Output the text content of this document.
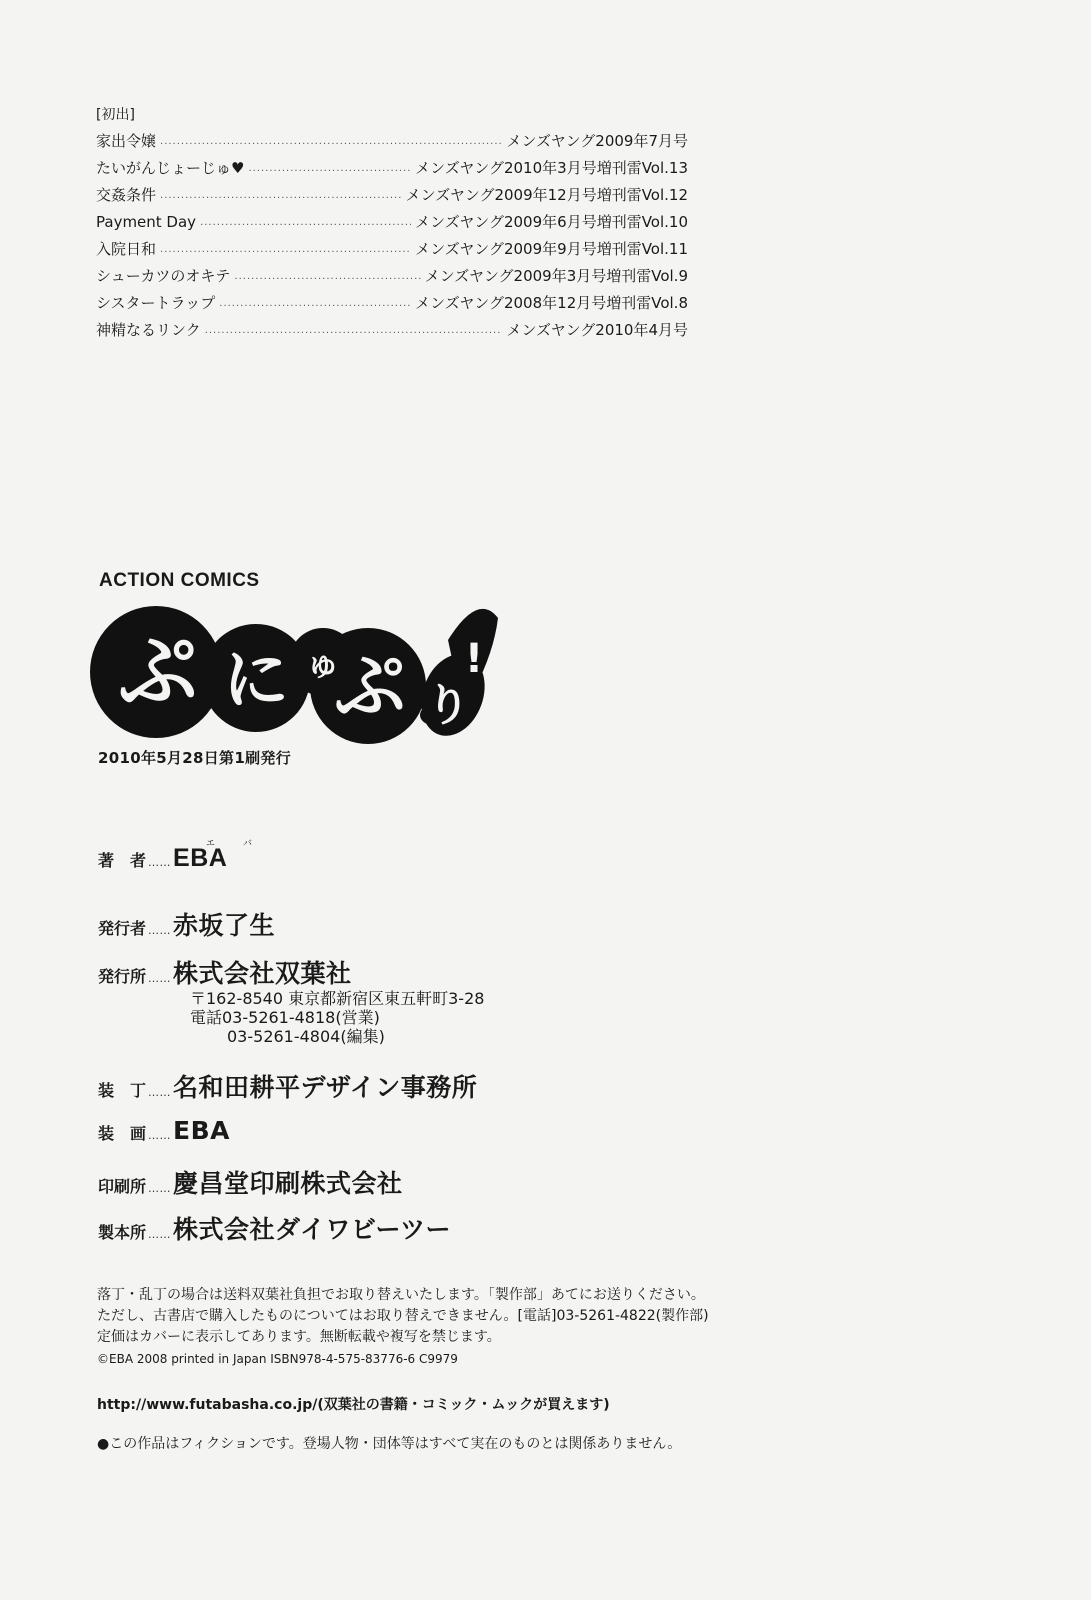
[初出]
家出令嬢 .....	メンズヤング2009年7月号
たいがんじょーじゅ♥ .....	メンズヤング2010年3月号増刊雷Vol.13
交姦条件 .....	メンズヤング2009年12月号増刊雷Vol.12
Payment Day .....	メンズヤング2009年6月号増刊雷Vol.10
入院日和 .....	メンズヤング2009年9月号増刊雷Vol.11
シューカツのオキテ .....	メンズヤング2009年3月号増刊雷Vol.9
シスタートラップ .....	メンズヤング2008年12月号増刊雷Vol.8
神精なるリンク .....	メンズヤング2010年4月号
ACTION COMICS
ぷ に ゅ
ぷ り
!
2010年5月28日第1刷発行
エバ
著　者 …… EBA
発行者 …… 赤坂了生
発行所 …… 株式会社双葉社
〒162-8540 東京都新宿区東五軒町3-28
電話03-5261-4818(営業)
03-5261-4804(編集)
装　丁 …… 名和田耕平デザイン事務所
装　画 …… EBA
印刷所 …… 慶昌堂印刷株式会社
製本所 …… 株式会社ダイワビーツー
落丁・乱丁の場合は送料双葉社負担でお取り替えいたします。「製作部」あてにお送りください。
ただし、古書店で購入したものについてはお取り替えできません。[電話]03-5261-4822(製作部)
定価はカバーに表示してあります。無断転載や複写を禁じます。
©EBA 2008 printed in Japan ISBN978-4-575-83776-6 C9979
http://www.futabasha.co.jp/(双葉社の書籍・コミック・ムックが買えます)
●この作品はフィクションです。登場人物・団体等はすべて実在のものとは関係ありません。
